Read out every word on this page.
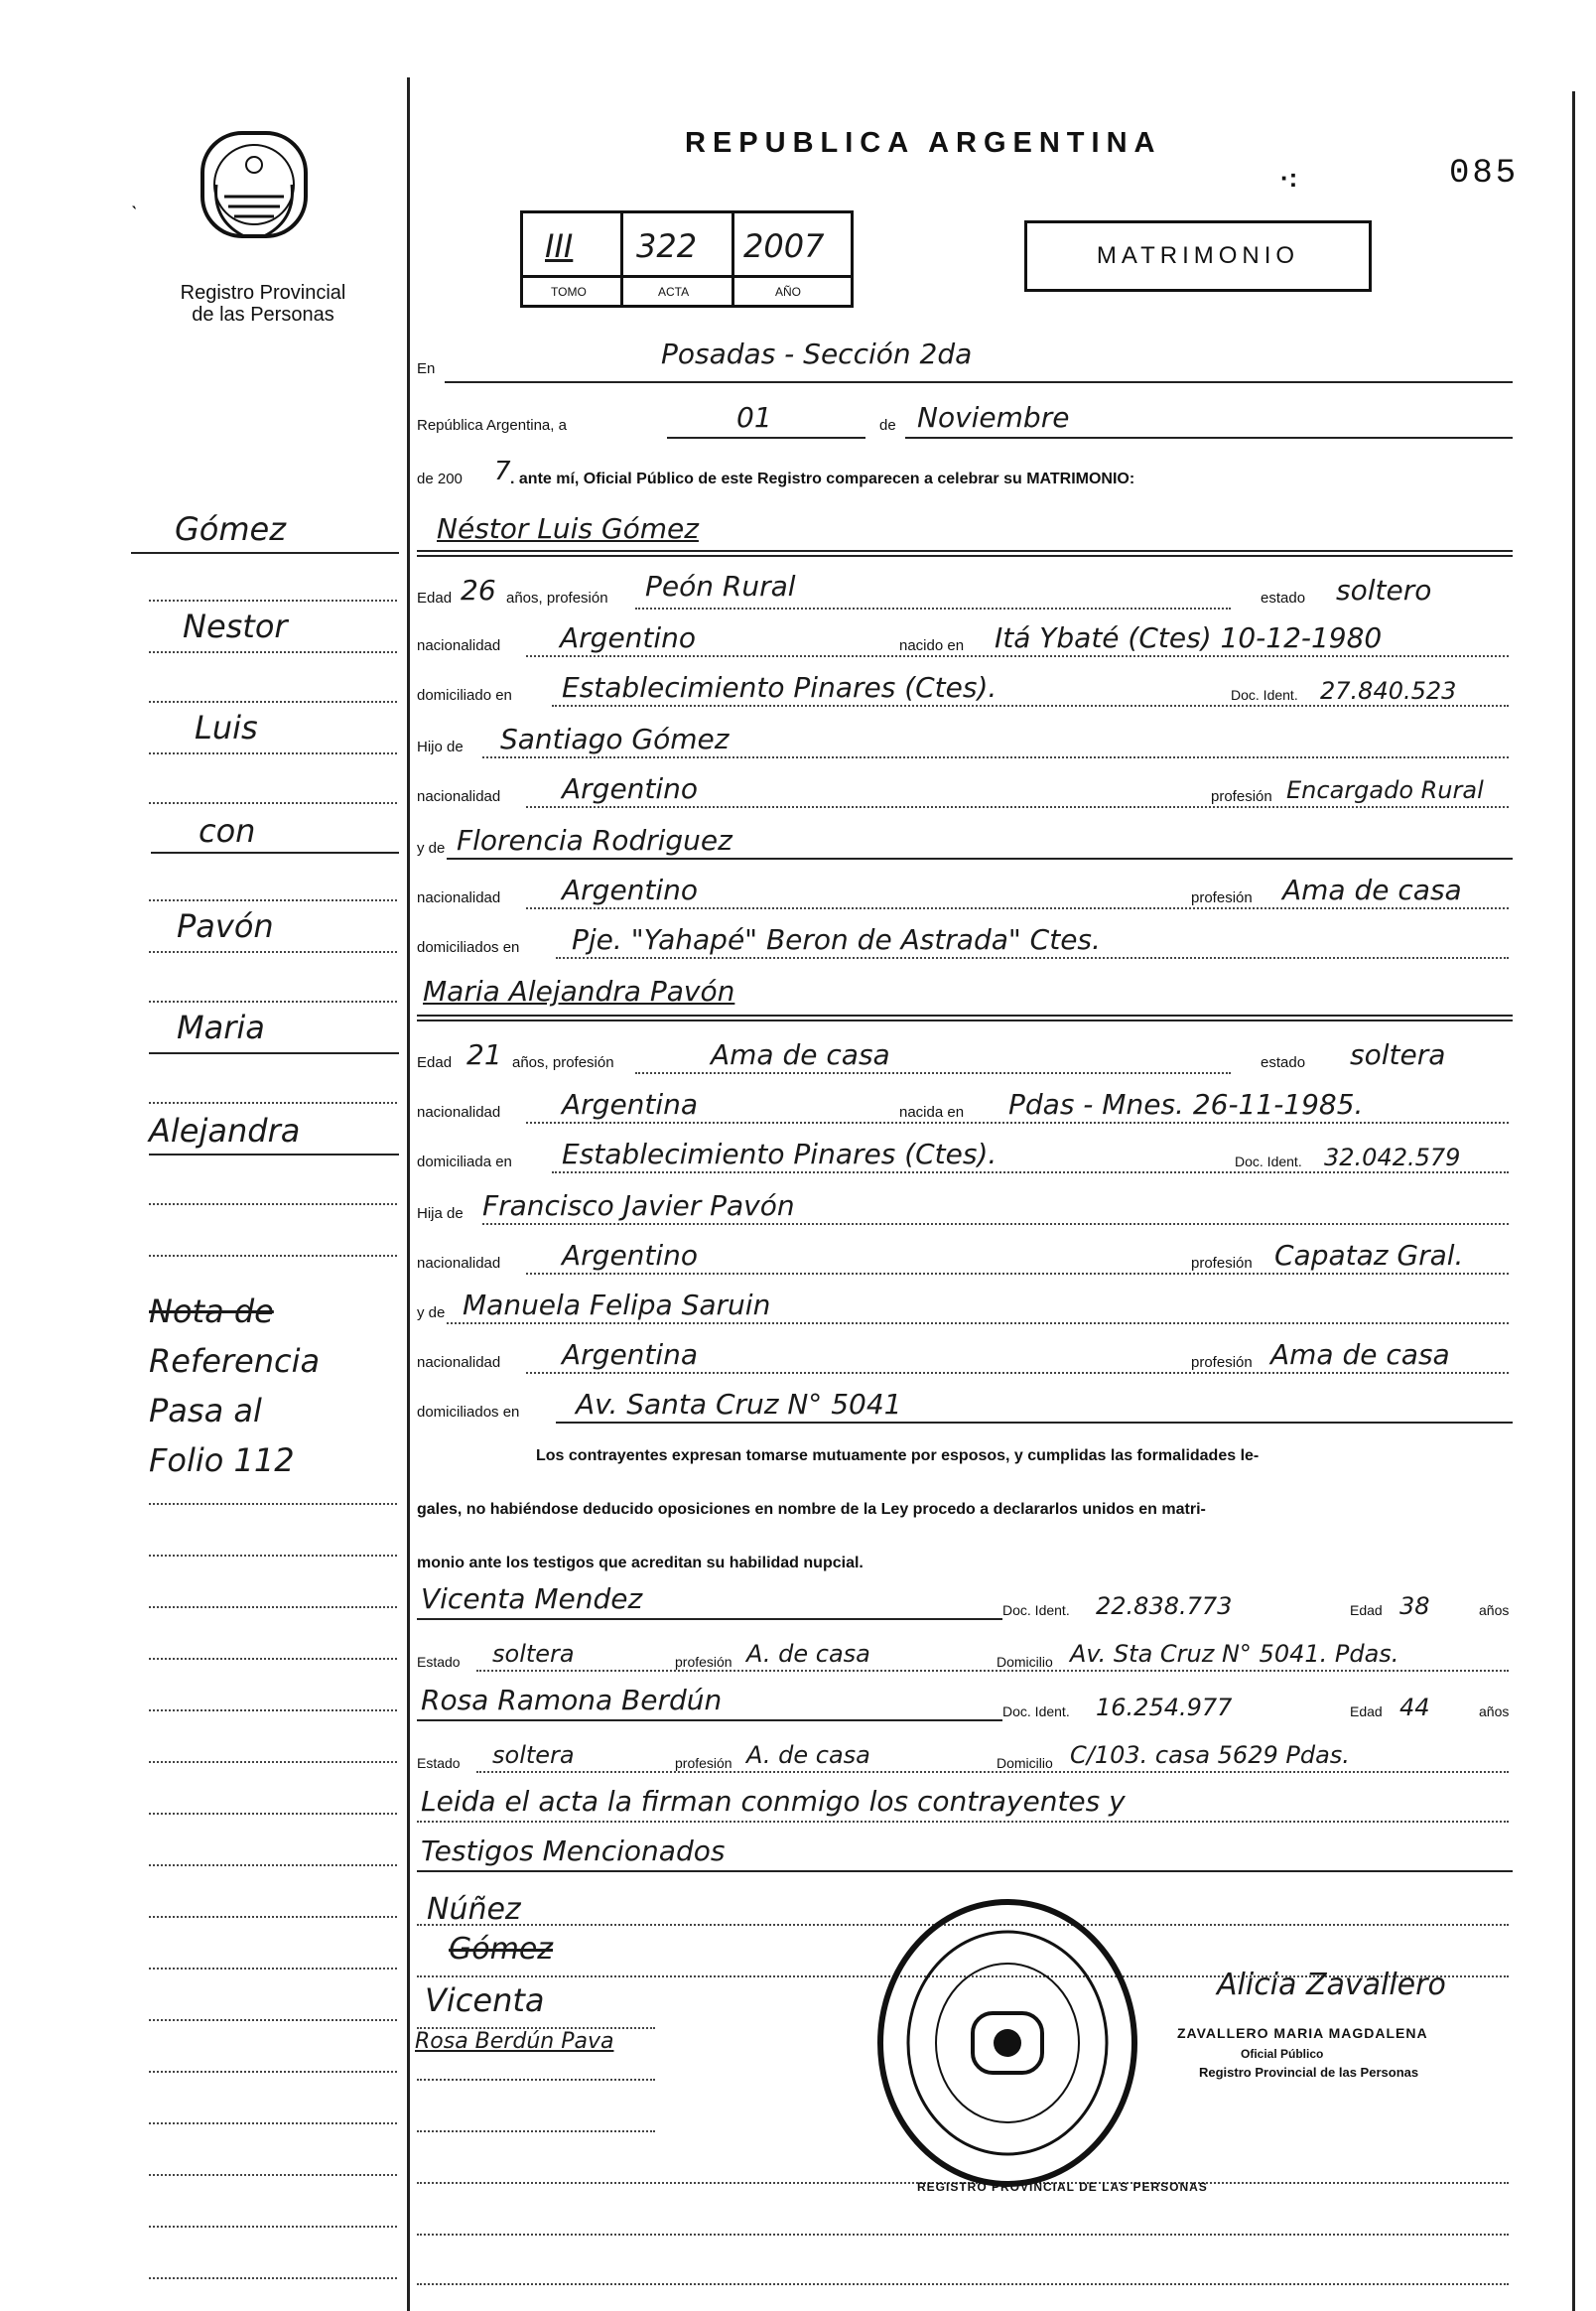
Registro Provincial
de las Personas
ˎ
REPUBLICA ARGENTINA
·:	085
III 322 2007
TOMO	ACTA	AÑO
MATRIMONIO
En	Posadas - Sección 2da
República Argentina, a	01	de Noviembre
de 200 7 . ante mí, Oficial Público de este Registro comparecen a celebrar su MATRIMONIO:
Néstor Luis Gómez
Edad 26 años, profesión Peón Rural	estado soltero
nacionalidad Argentino	nacido en Itá Ybaté (Ctes) 10-12-1980
domiciliado en Establecimiento Pinares (Ctes).	Doc. Ident. 27.840.523
Hijo de Santiago Gómez
nacionalidad Argentino	profesión Encargado Rural
y de Florencia Rodriguez
nacionalidad Argentino	profesión Ama de casa
domiciliados en Pje. "Yahapé" Beron de Astrada" Ctes.
Maria Alejandra Pavón
Edad 21 años, profesión	Ama de casa	estado soltera
nacionalidad Argentina	nacida en Pdas - Mnes. 26-11-1985.
domiciliada en Establecimiento Pinares (Ctes).	Doc. Ident. 32.042.579
Hija de Francisco Javier Pavón
nacionalidad Argentino	profesión Capataz Gral.
y de Manuela Felipa Saruin
nacionalidad Argentina	profesión Ama de casa
domiciliados en Av. Santa Cruz N° 5041
Los contrayentes expresan tomarse mutuamente por esposos, y cumplidas las formalidades le-
gales, no habiéndose deducido oposiciones en nombre de la Ley procedo a declararlos unidos en matri-
monio ante los testigos que acreditan su habilidad nupcial.
Vicenta Mendez	Doc. Ident. 22.838.773	Edad 38	años
Estado soltera	profesión A. de casa	Domicilio Av. Sta Cruz N° 5041. Pdas.
Rosa Ramona Berdún	Doc. Ident. 16.254.977	Edad 44	años
Estado soltera	profesión A. de casa	Domicilio C/103. casa 5629 Pdas.
Leida el acta la firman conmigo los contrayentes y
Testigos Mencionados
Núñez
Gómez
Vicenta
Rosa Berdún Pava
REGISTRO PROVINCIAL DE LAS PERSONAS
Alicia Zavallero
ZAVALLERO MARIA MAGDALENA
Oficial Público
Registro Provincial de las Personas
Gómez
Nestor
Luis
con
Pavón
Maria
Alejandra
Nota de
Referencia
Pasa al
Folio 112
